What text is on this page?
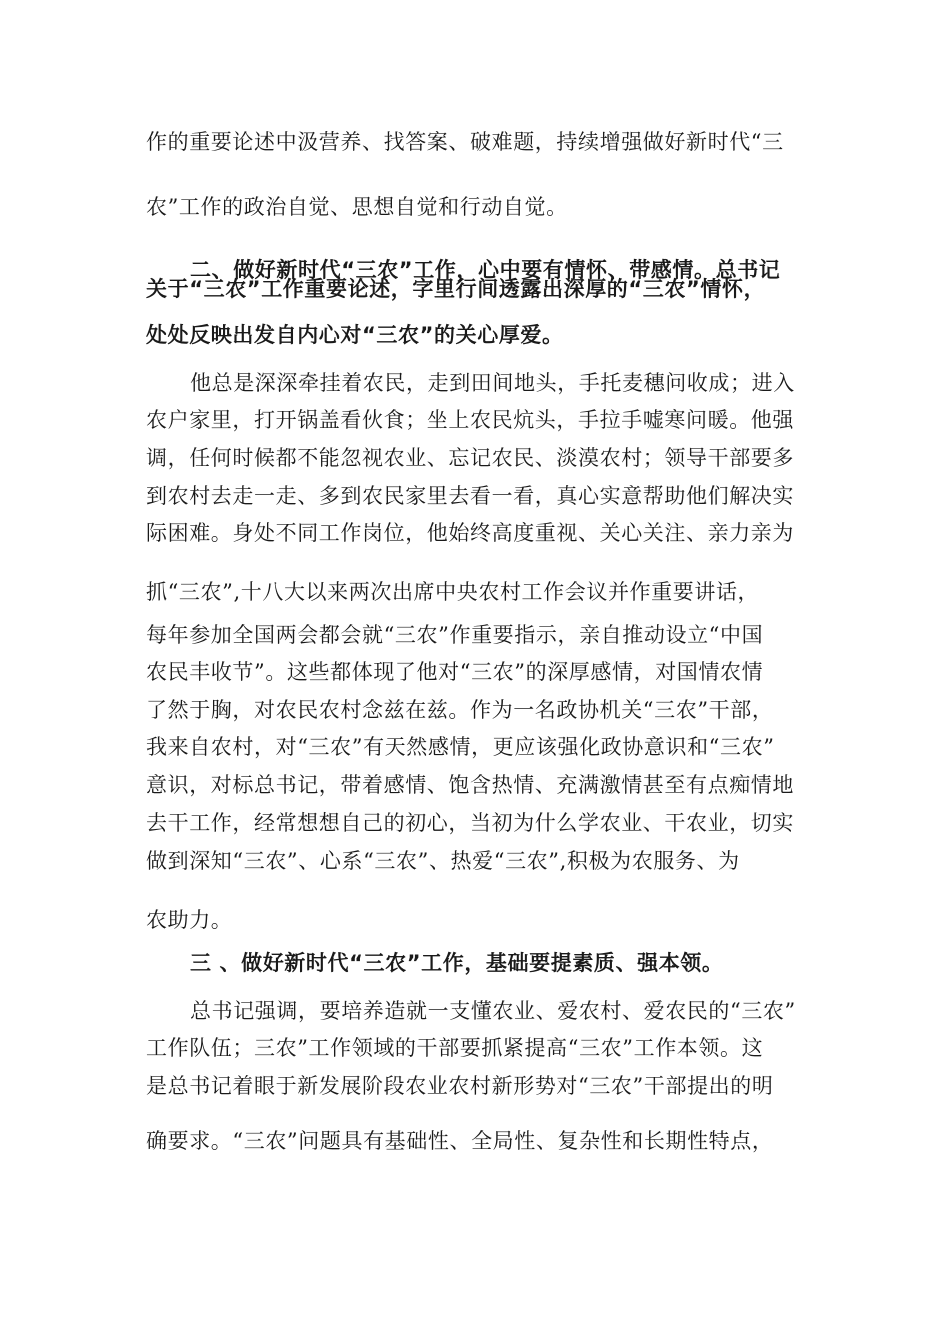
作的重要论述中汲营养、找答案、破难题，持续增强做好新时代“三
农”工作的政治自觉、思想自觉和行动自觉。
二、做好新时代“三农”工作，心中要有情怀、带感情。总书记
关于“三农”工作重要论述，字里行间透露出深厚的“三农”情怀，
处处反映出发自内心对“三农”的关心厚爱。
他总是深深牵挂着农民，走到田间地头，手托麦穗问收成；进入
农户家里，打开锅盖看伙食；坐上农民炕头，手拉手嘘寒问暖。他强
调，任何时候都不能忽视农业、忘记农民、淡漠农村；领导干部要多
到农村去走一走、多到农民家里去看一看，真心实意帮助他们解决实
际困难。身处不同工作岗位，他始终高度重视、关心关注、亲力亲为
抓“三农”,十八大以来两次出席中央农村工作会议并作重要讲话，
每年参加全国两会都会就“三农”作重要指示，亲自推动设立“中国
农民丰收节”。这些都体现了他对“三农”的深厚感情，对国情农情
了然于胸，对农民农村念兹在兹。作为一名政协机关“三农”干部，
我来自农村，对“三农”有天然感情，更应该强化政协意识和“三农”
意识，对标总书记，带着感情、饱含热情、充满激情甚至有点痴情地
去干工作，经常想想自己的初心，当初为什么学农业、干农业，切实
做到深知“三农”、心系“三农”、热爱“三农”,积极为农服务、为
农助力。
三 、做好新时代“三农”工作，基础要提素质、强本领。
总书记强调，要培养造就一支懂农业、爱农村、爱农民的“三农”
工作队伍；三农”工作领域的干部要抓紧提高“三农”工作本领。这
是总书记着眼于新发展阶段农业农村新形势对“三农”干部提出的明
确要求。“三农”问题具有基础性、全局性、复杂性和长期性特点，
